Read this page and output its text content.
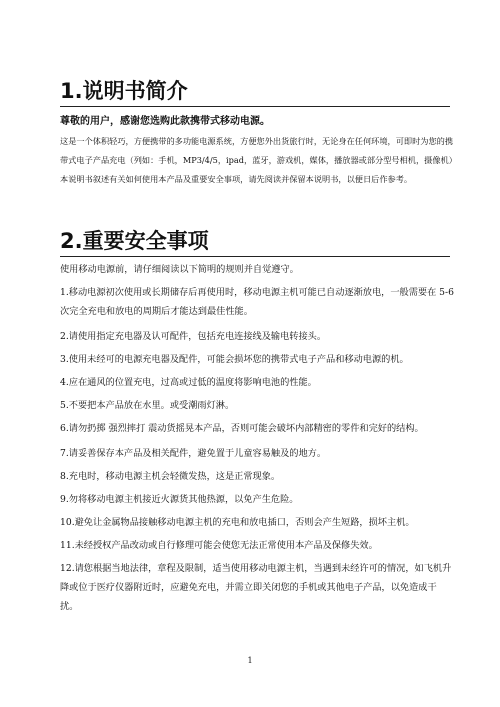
1.说明书简介
尊敬的用户，感谢您选购此款携带式移动电源。
这是一个体积轻巧，方便携带的多功能电源系统，方便您外出货旅行时，无论身在任何环境，可即时为您的携带式电子产品充电（列如：手机，MP3/4/5，ipad，蓝牙，游戏机，媒体，播放器或部分型号相机，摄像机）本说明书叙述有关如何使用本产品及重要安全事项，请先阅读并保留本说明书，以便日后作参考。
2.重要安全事项
使用移动电源前，请仔细阅读以下简明的规则并自觉遵守。
1.移动电源初次使用或长期储存后再使用时，移动电源主机可能已自动逐渐放电，一般需要在 5-6 次完全充电和放电的周期后才能达到最佳性能。
2.请使用指定充电器及认可配件，包括充电连接线及输电转接头。
3.使用未经可的电源充电器及配件，可能会损坏您的携带式电子产品和移动电源的机。
4.应在通风的位置充电，过高或过低的温度将影响电池的性能。
5.不要把本产品放在水里。或受潮雨灯淋。
6.请勿扔掷 强烈摔打 震动货摇晃本产品，否则可能会破坏内部精密的零件和完好的结构。
7.请妥善保存本产品及相关配件，避免置于儿童容易触及的地方。
8.充电时，移动电源主机会轻微发热，这是正常现象。
9.勿将移动电源主机接近火源货其他热源，以免产生危险。
10.避免让金属物品接触移动电源主机的充电和放电插口，否则会产生短路，损坏主机。
11.未经授权产品改动或自行修理可能会使您无法正常使用本产品及保修失效。
12.请您根据当地法律，章程及限制，适当使用移动电源主机，当遇到未经许可的情况，如飞机升降或位于医疗仪器附近时，应避免充电，并需立即关闭您的手机或其他电子产品，以免造成干扰。
1
